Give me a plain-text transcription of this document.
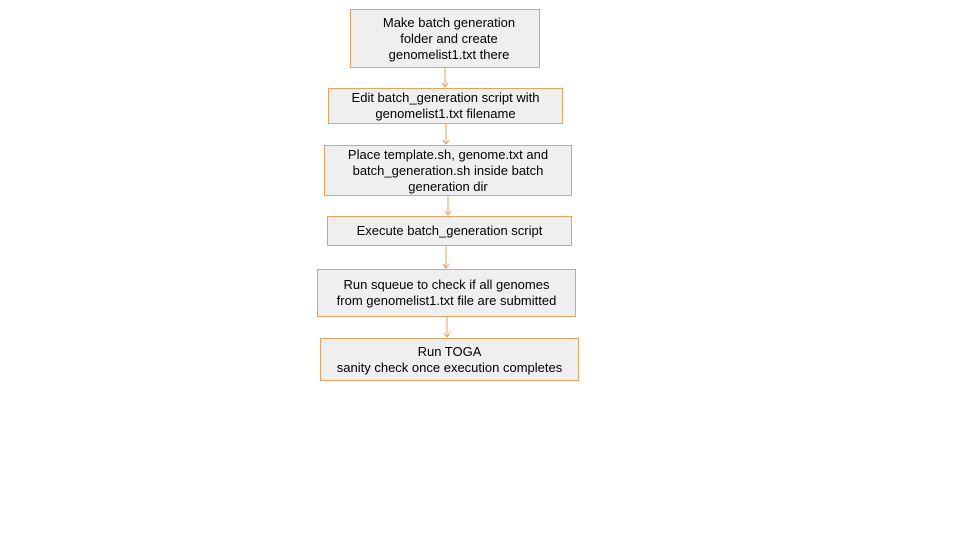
Make batch generation
folder and create
genomelist1.txt there
Edit batch_generation script with
genomelist1.txt filename
Place template.sh, genome.txt and
batch_generation.sh inside batch
generation dir
Execute batch_generation script
Run squeue to check if all genomes
from genomelist1.txt file are submitted
Run TOGA
sanity check once execution completes
